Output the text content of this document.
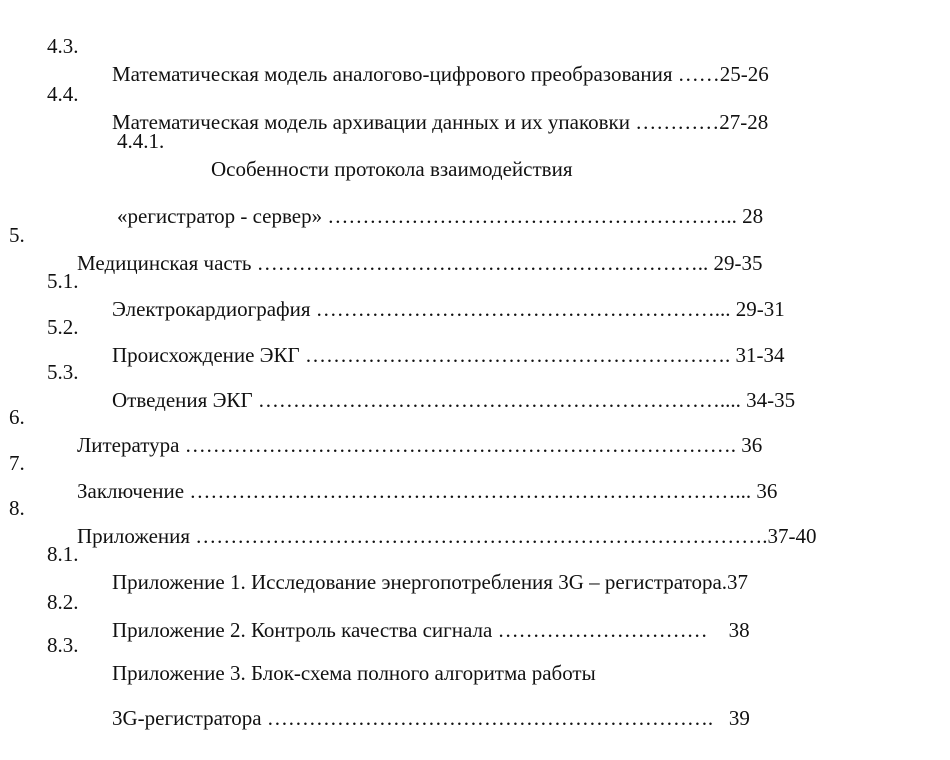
4.3.

Математическая модель аналогово-цифрового преобразования ……25-26

4.4.

Математическая модель архивации данных и их упаковки …………27-28

4.4.1.

Особенности протокола взаимодействия

«регистратор - сервер» ………………………………………………….. 28

5.

Медицинская часть ……………………………………………………….. 29-35

5.1.

Электрокардиография …………………………………………………... 29-31

5.2.

Происхождение ЭКГ ……………………………………………………. 31-34

5.3.

Отведения ЭКГ ………………………………………………………….... 34-35

6.

Литература ……………………………………………………………………. 36

7.

Заключение ……………………………………………………………………... 36

8.

Приложения ……………………………………………………………………….37-40

8.1.

Приложение 1. Исследование энергопотребления 3G – регистратора.37

8.2.

Приложение 2. Контроль качества сигнала …………………………    38

8.3.

Приложение 3. Блок-схема полного алгоритма работы

3G-регистратора ……………………………………………………….   39
